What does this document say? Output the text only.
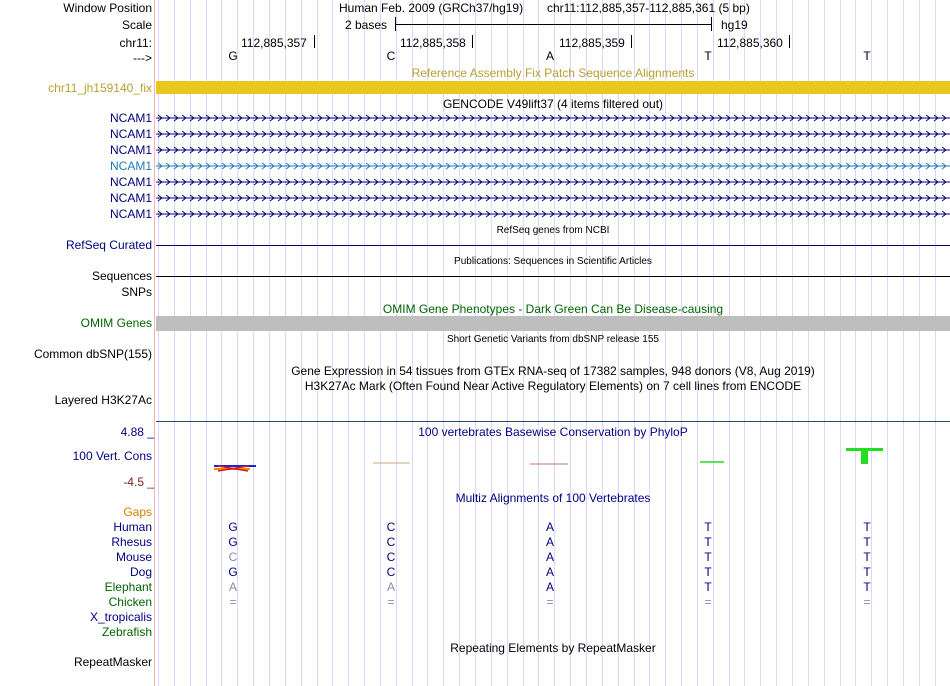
Window Position	Human Feb. 2009 (GRCh37/hg19) chr11:112,885,357-112,885,361 (5 bp)
Scale	2 bases	hg19
chr11:	112,885,357	112,885,358	112,885,359	112,885,360
--->	G	C	A	T	T
Reference Assembly Fix Patch Sequence Alignments
chr11_jh159140_fix
GENCODE V49lift37 (4 items filtered out)
NCAM1
NCAM1
NCAM1
NCAM1
NCAM1
NCAM1
NCAM1
RefSeq genes from NCBI
RefSeq Curated
Publications: Sequences in Scientific Articles
Sequences
SNPs
OMIM Gene Phenotypes - Dark Green Can Be Disease-causing
OMIM Genes
Short Genetic Variants from dbSNP release 155
Common dbSNP(155)
Gene Expression in 54 tissues from GTEx RNA-seq of 17382 samples, 948 donors (V8, Aug 2019)
H3K27Ac Mark (Often Found Near Active Regulatory Elements) on 7 cell lines from ENCODE
Layered H3K27Ac
4.88 _	100 vertebrates Basewise Conservation by PhyloP
100 Vert. Cons
-4.5 _
Multiz Alignments of 100 Vertebrates
Gaps
Human	G	C	A	T	T
Rhesus	G	C	A	T	T
Mouse	C	C	A	T	T
Dog	G	C	A	T	T
Elephant	A	A	A	T	T
Chicken	=	=	=	=	=
X_tropicalis
Zebrafish
Repeating Elements by RepeatMasker
RepeatMasker
